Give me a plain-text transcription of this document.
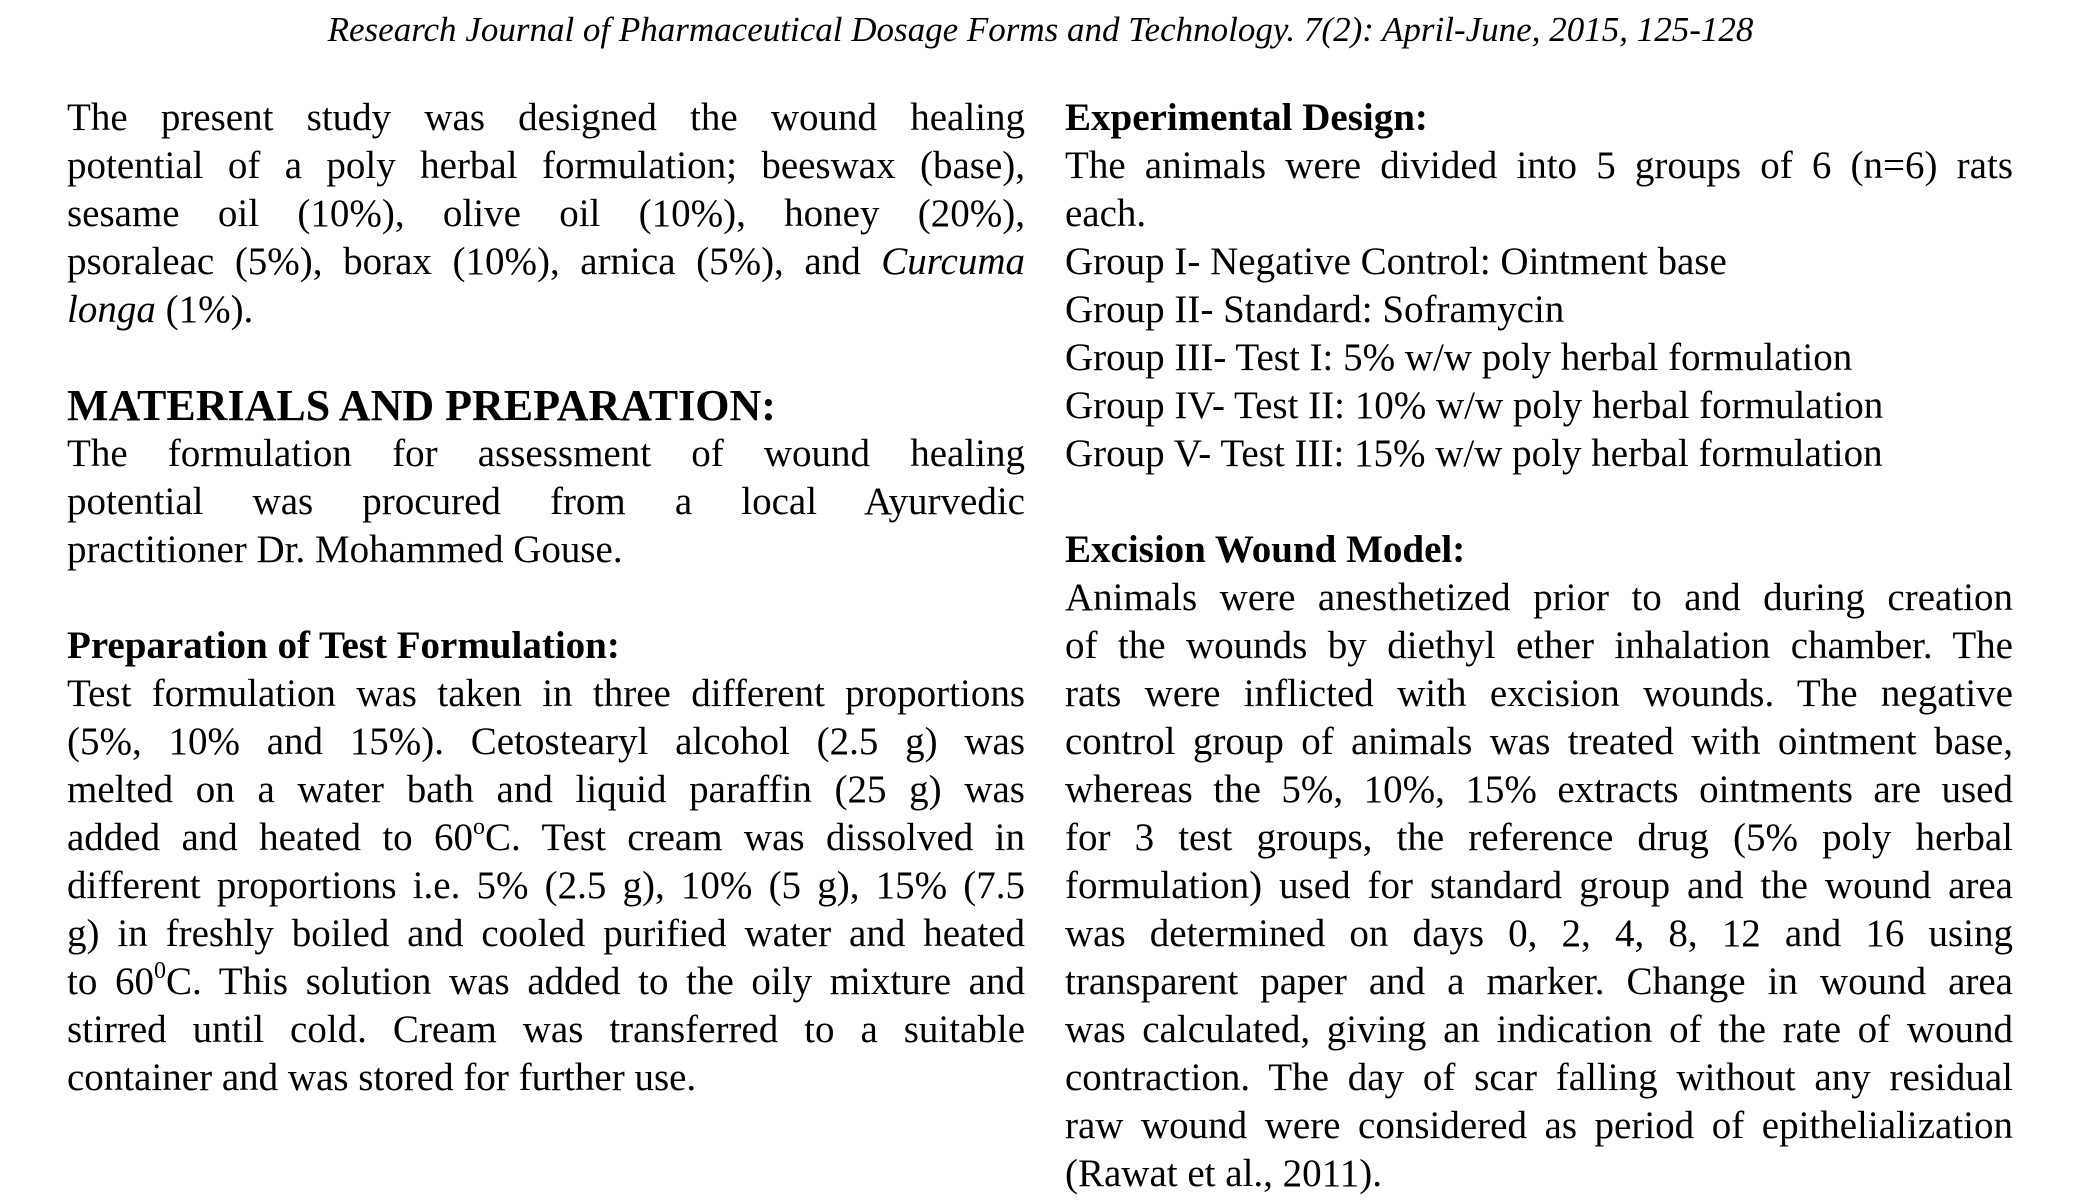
Research Journal of Pharmaceutical Dosage Forms and Technology. 7(2): April-June, 2015, 125-128
The present study was designed the wound healing
potential of a poly herbal formulation; beeswax (base),
sesame oil (10%), olive oil (10%), honey (20%),
psoraleac (5%), borax (10%), arnica (5%), and Curcuma
longa (1%).
MATERIALS AND PREPARATION:
The formulation for assessment of wound healing
potential was procured from a local Ayurvedic
practitioner Dr. Mohammed Gouse.
Preparation of Test Formulation:
Test formulation was taken in three different proportions
(5%, 10% and 15%). Cetostearyl alcohol (2.5 g) was
melted on a water bath and liquid paraffin (25 g) was
added and heated to 60$^o$C. Test cream was dissolved in
different proportions i.e. 5% (2.5 g), 10% (5 g), 15% (7.5
g) in freshly boiled and cooled purified water and heated
to $60^0C$. This solution was added to the oily mixture and
stirred until cold. Cream was transferred to a suitable
container and was stored for further use.
Experimental Design:
The animals were divided into 5 groups of 6 (n=6) rats
each.
Group I- Negative Control: Ointment base
Group II- Standard: Soframycin
Group III- Test I: 5% w/w poly herbal formulation
Group IV- Test II: 10% w/w poly herbal formulation
Group V- Test III: 15% w/w poly herbal formulation
Excision Wound Model:
Animals were anesthetized prior to and during creation
of the wounds by diethyl ether inhalation chamber. The
rats were inflicted with excision wounds. The negative
control group of animals was treated with ointment base,
whereas the 5%, 10%, 15% extracts ointments are used
for 3 test groups, the reference drug (5% poly herbal
formulation) used for standard group and the wound area
was determined on days 0, 2, 4, 8, 12 and 16 using
transparent paper and a marker. Change in wound area
was calculated, giving an indication of the rate of wound
contraction. The day of scar falling without any residual
raw wound were considered as period of epithelialization
(Rawat et al., 2011).
